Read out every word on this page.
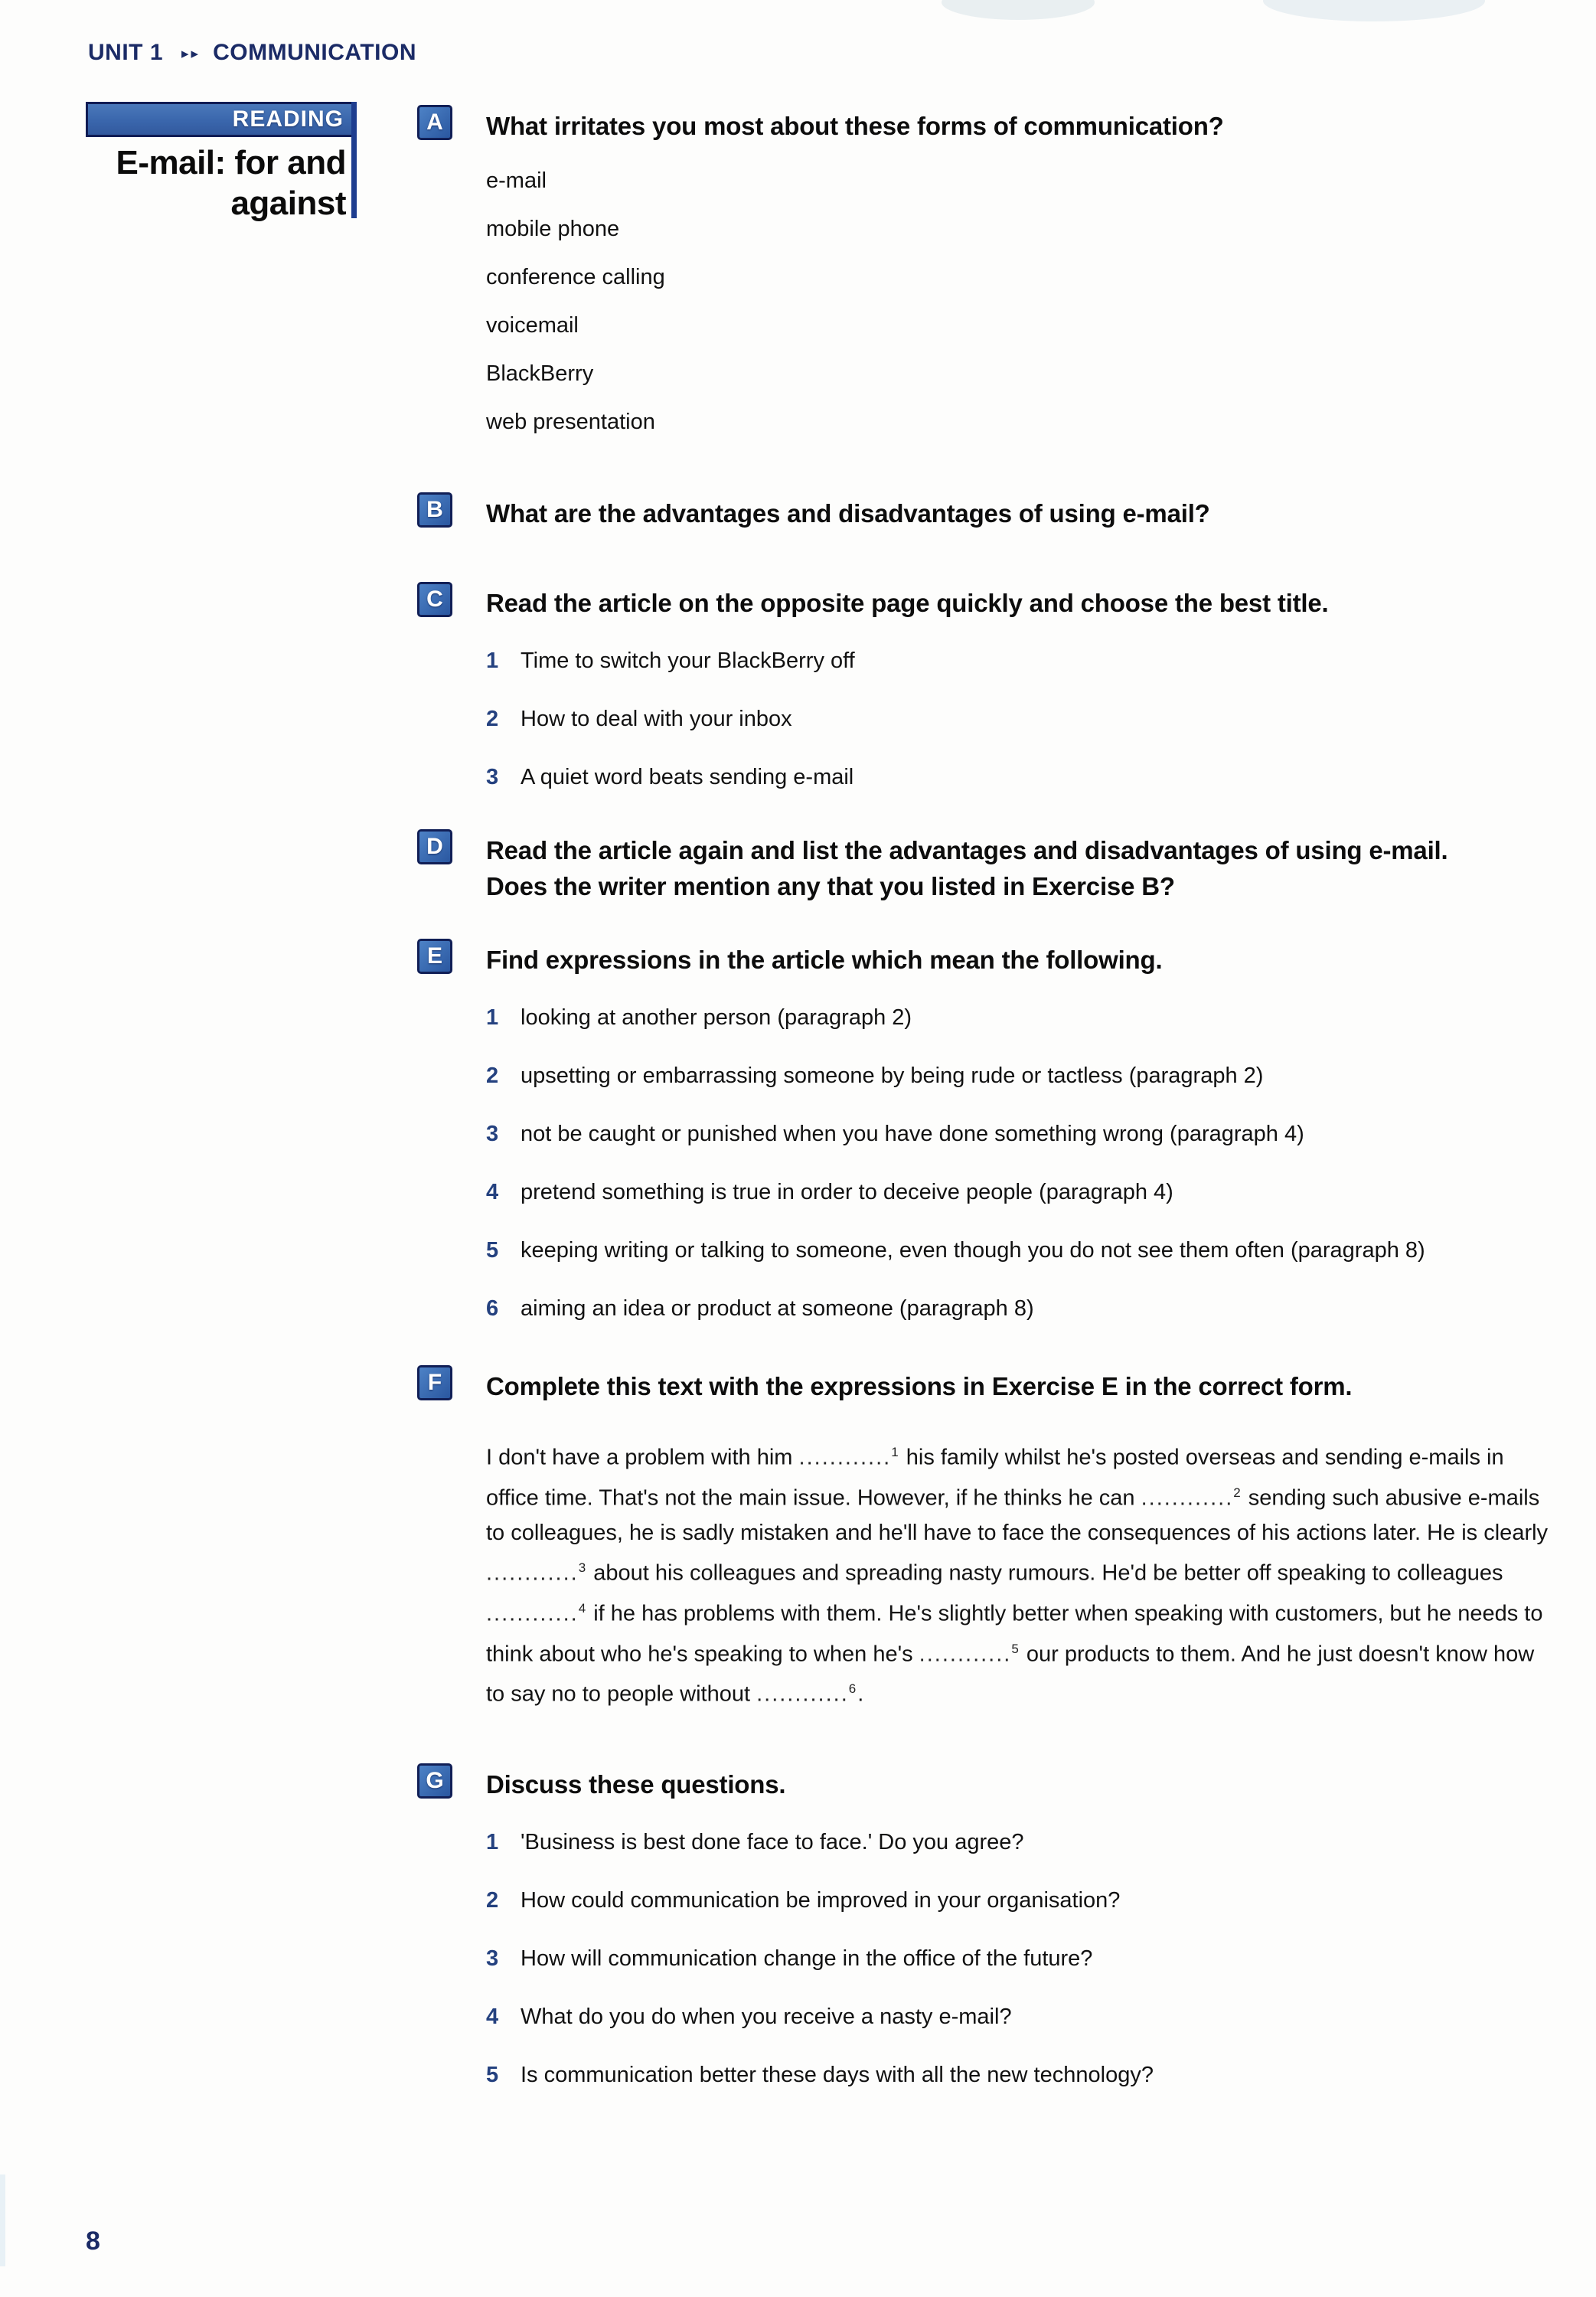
UNIT 1 ▸▸ COMMUNICATION
READING
E-mail: for and
against
A What irritates you most about these forms of communication?
e-mail
mobile phone
conference calling
voicemail
BlackBerry
web presentation
B What are the advantages and disadvantages of using e-mail?
C Read the article on the opposite page quickly and choose the best title.
1 Time to switch your BlackBerry off
2 How to deal with your inbox
3 A quiet word beats sending e-mail
D Read the article again and list the advantages and disadvantages of using e-mail. Does the writer mention any that you listed in Exercise B?
E Find expressions in the article which mean the following.
1 looking at another person (paragraph 2)
2 upsetting or embarrassing someone by being rude or tactless (paragraph 2)
3 not be caught or punished when you have done something wrong (paragraph 4)
4 pretend something is true in order to deceive people (paragraph 4)
5 keeping writing or talking to someone, even though you do not see them often (paragraph 8)
6 aiming an idea or product at someone (paragraph 8)
F Complete this text with the expressions in Exercise E in the correct form.

I don't have a problem with him ............$^1$ his family whilst he's posted overseas and sending e-mails in office time. That's not the main issue. However, if he thinks he can ............$^2$ sending such abusive e-mails to colleagues, he is sadly mistaken and he'll have to face the consequences of his actions later. He is clearly ............$^3$ about his colleagues and spreading nasty rumours. He'd be better off speaking to colleagues ............$^4$ if he has problems with them. He's slightly better when speaking with customers, but he needs to think about who he's speaking to when he's ............$^5$ our products to them. And he just doesn't know how to say no to people without ............$^6$.

G Discuss these questions.
1 'Business is best done face to face.' Do you agree?
2 How could communication be improved in your organisation?
3 How will communication change in the office of the future?
4 What do you do when you receive a nasty e-mail?
5 Is communication better these days with all the new technology?
8
